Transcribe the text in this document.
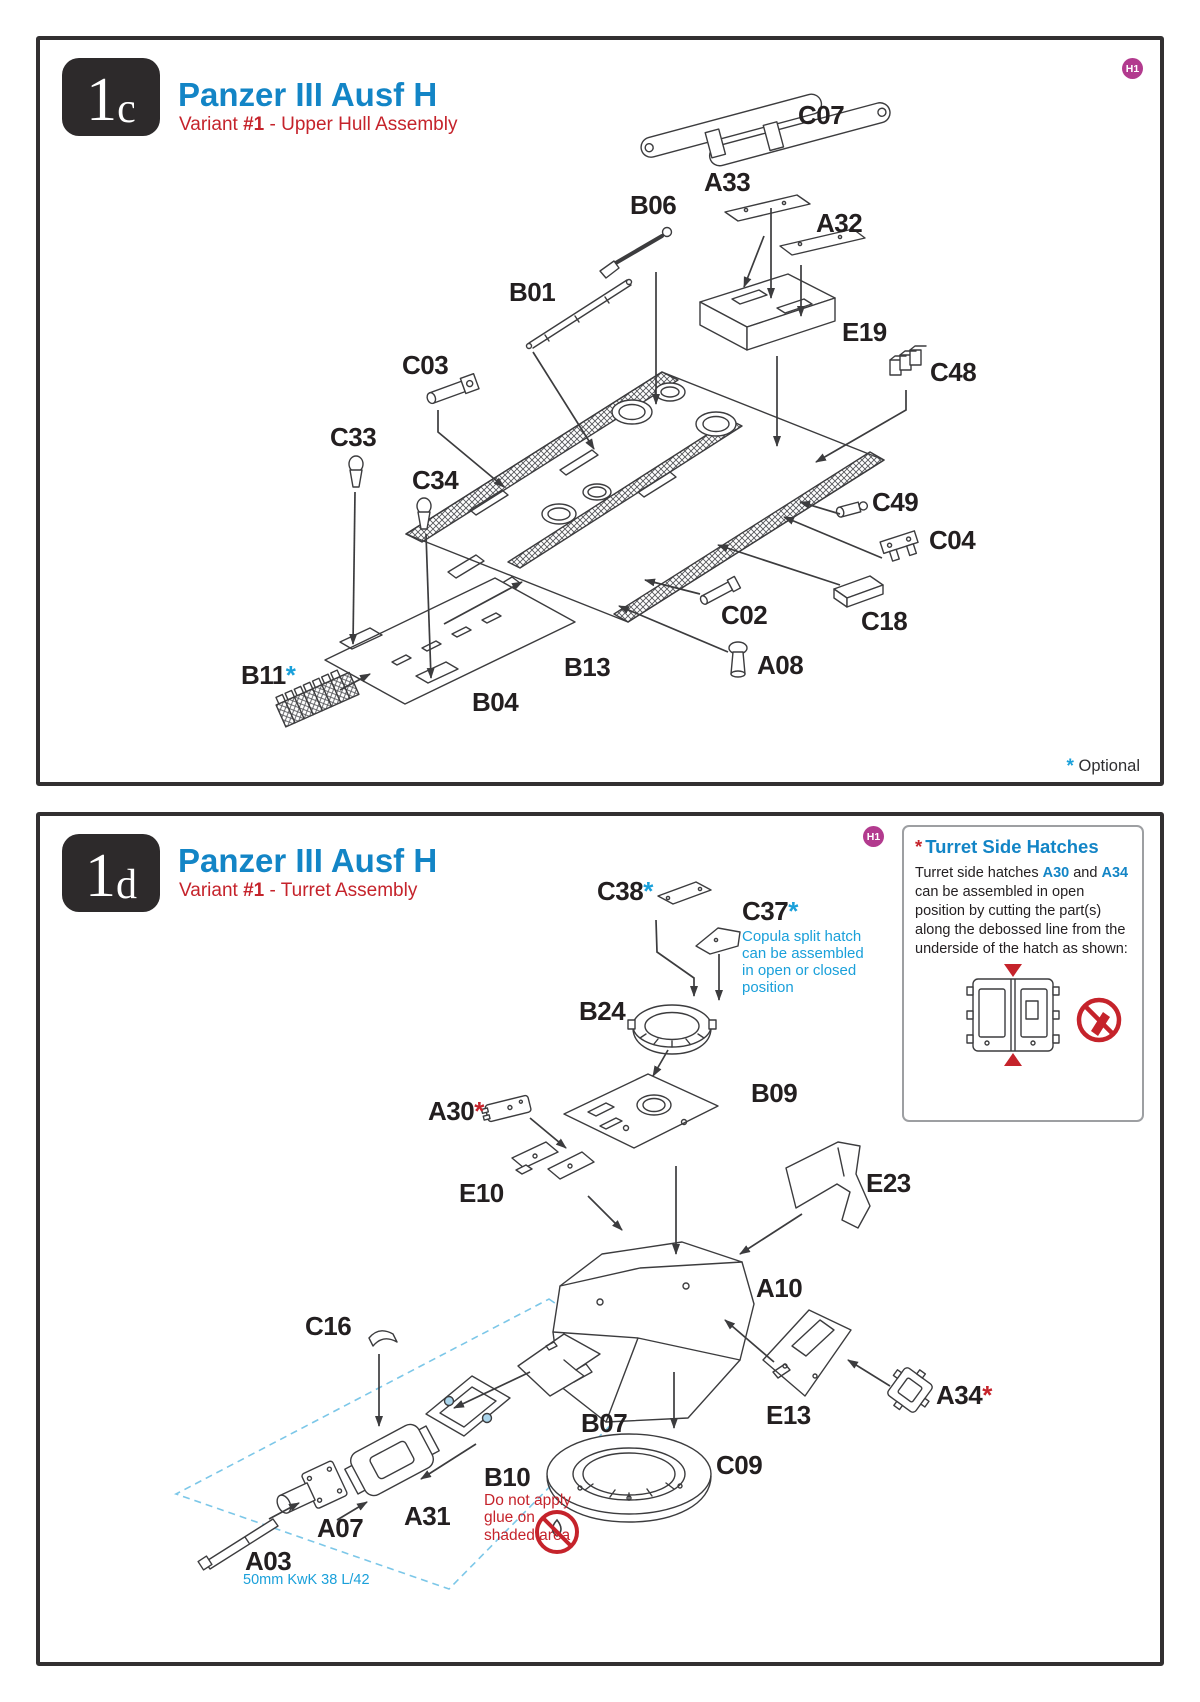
1 c Panzer III Ausf H
Variant #1 - Upper Hull Assembly
H1
C07
A33
A32
B06
B01
E19
C48
C03
C33
C34
C49
C04
C02	C18
B13	A08
B11*
B04
* Optional
1 d
Panzer III Ausf H
Variant #1 - Turret Assembly
H1 * Turret Side Hatches
Turret side hatches A30 and A34 can be assembled in open position by cutting the part(s) along the debossed line from the underside of the hatch as shown:
C38*
C37*
Copula split hatch can be assembled in open or closed position
B24
B09
A30*
E10	E23
A10
E13
A34*
C16
B07
B10
Do not apply glue on shaded area
A31
A07
A03
50mm KwK 38 L/42
C09
